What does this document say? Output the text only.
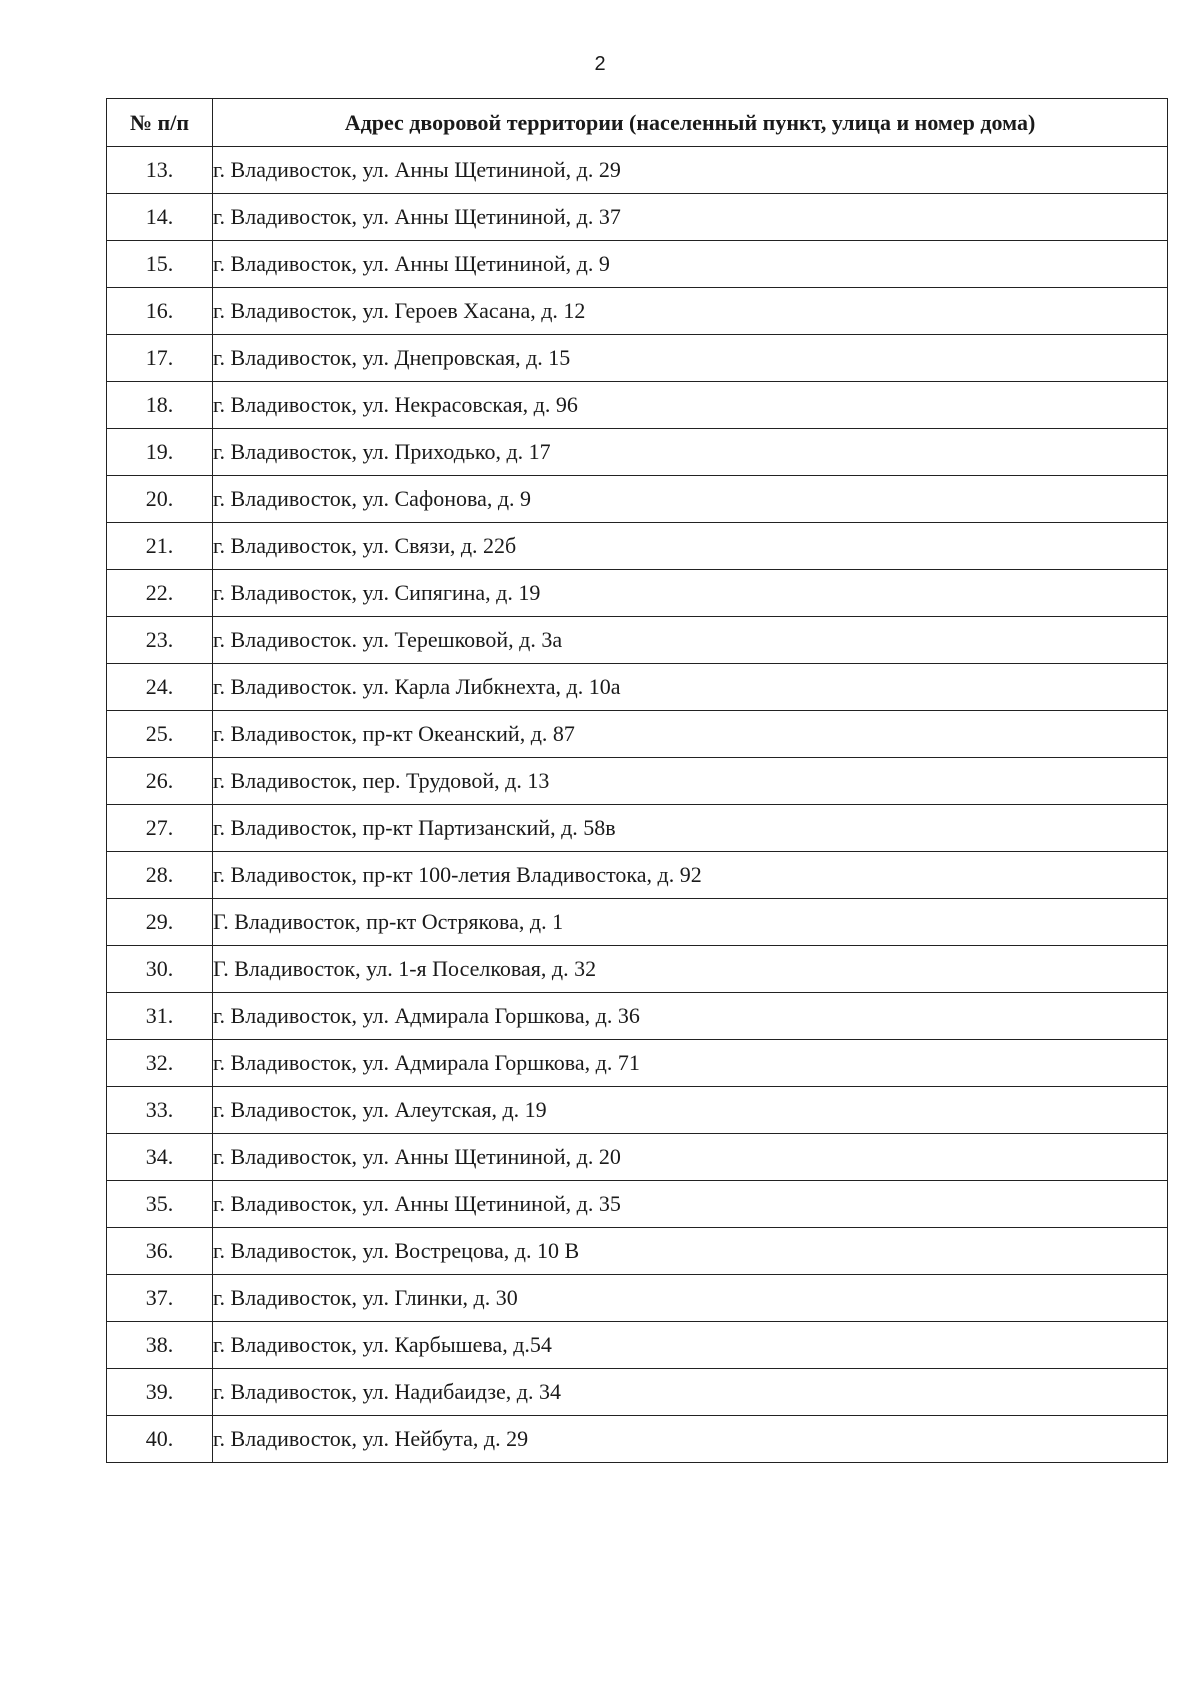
2
№ п/п	Адрес дворовой территории (населенный пункт, улица и номер дома)
13.	г. Владивосток, ул. Анны Щетининой, д. 29
14.	г. Владивосток, ул. Анны Щетининой, д. 37
15.	г. Владивосток, ул. Анны Щетининой, д. 9
16.	г. Владивосток, ул. Героев Хасана, д. 12
17.	г. Владивосток, ул. Днепровская, д. 15
18.	г. Владивосток, ул. Некрасовская, д. 96
19.	г. Владивосток, ул. Приходько, д. 17
20.	г. Владивосток, ул. Сафонова, д. 9
21.	г. Владивосток, ул. Связи, д. 22б
22.	г. Владивосток, ул. Сипягина, д. 19
23.	г. Владивосток. ул. Терешковой, д. 3а
24.	г. Владивосток. ул. Карла Либкнехта, д. 10а
25.	г. Владивосток, пр-кт Океанский, д. 87
26.	г. Владивосток, пер. Трудовой, д. 13
27.	г. Владивосток, пр-кт Партизанский, д. 58в
28.	г. Владивосток, пр-кт 100-летия Владивостока, д. 92
29.	Г. Владивосток, пр-кт Острякова, д. 1
30.	Г. Владивосток, ул. 1-я Поселковая, д. 32
31.	г. Владивосток, ул. Адмирала Горшкова, д. 36
32.	г. Владивосток, ул. Адмирала Горшкова, д. 71
33.	г. Владивосток, ул. Алеутская, д. 19
34.	г. Владивосток, ул. Анны Щетининой, д. 20
35.	г. Владивосток, ул. Анны Щетининой, д. 35
36.	г. Владивосток, ул. Вострецова, д. 10 В
37.	г. Владивосток, ул. Глинки, д. 30
38.	г. Владивосток, ул. Карбышева, д.54
39.	г. Владивосток, ул. Надибаидзе, д. 34
40.	г. Владивосток, ул. Нейбута, д. 29
